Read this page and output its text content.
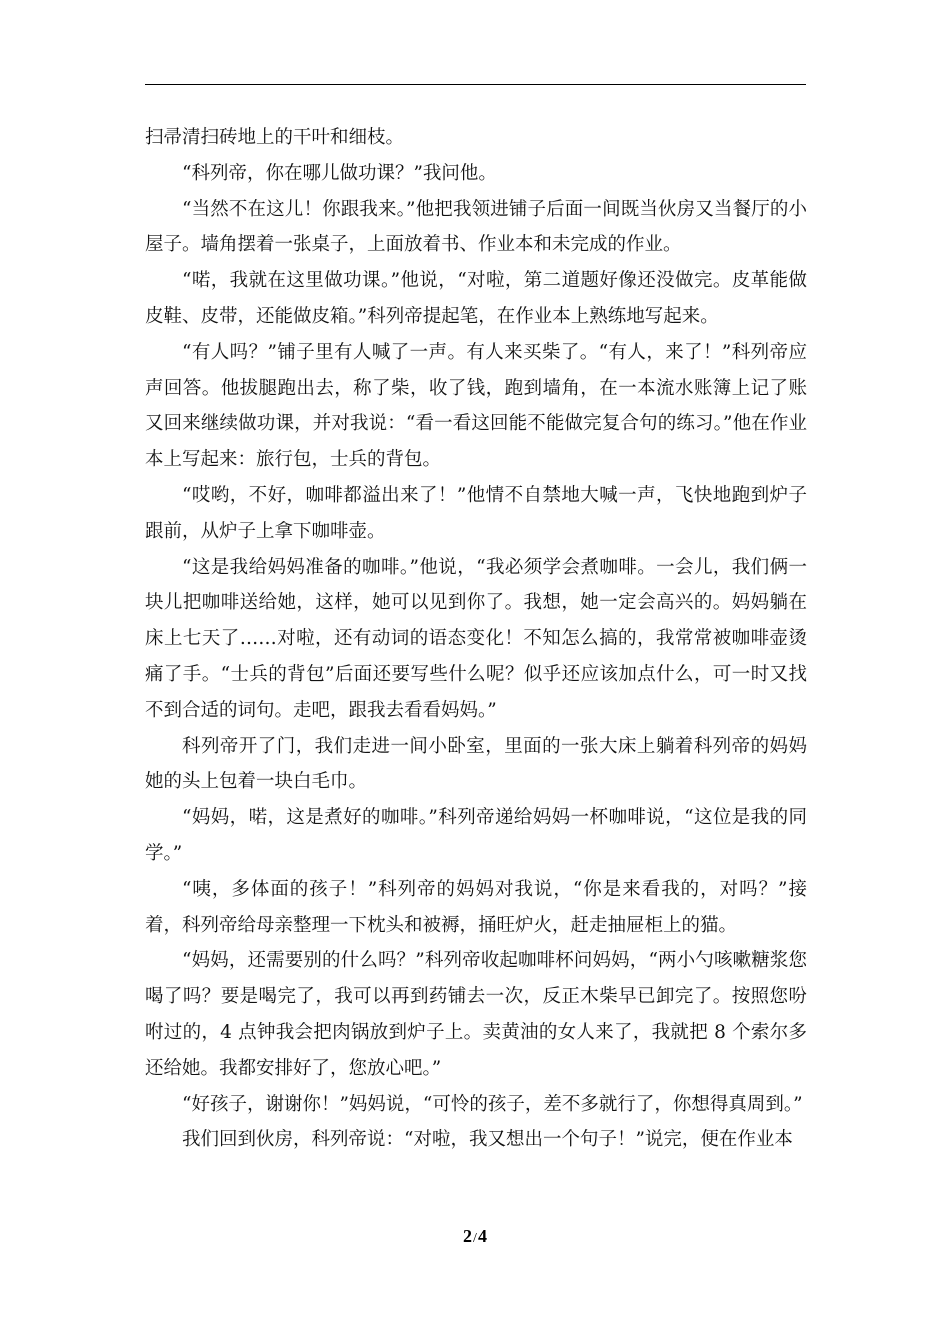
扫帚清扫砖地上的干叶和细枝。

“科列帝，你在哪儿做功课？”我问他。

“当然不在这儿！你跟我来。”他把我领进铺子后面一间既当伙房又当餐厅的小屋子。墙角摆着一张桌子，上面放着书、作业本和未完成的作业。

“喏，我就在这里做功课。”他说，“对啦，第二道题好像还没做完。皮革能做皮鞋、皮带，还能做皮箱。”科列帝提起笔，在作业本上熟练地写起来。

“有人吗？”铺子里有人喊了一声。有人来买柴了。“有人，来了！”科列帝应声回答。他拔腿跑出去，称了柴，收了钱，跑到墙角，在一本流水账簿上记了账又回来继续做功课，并对我说：“看一看这回能不能做完复合句的练习。”他在作业本上写起来：旅行包，士兵的背包。

“哎哟，不好，咖啡都溢出来了！”他情不自禁地大喊一声，飞快地跑到炉子跟前，从炉子上拿下咖啡壶。

“这是我给妈妈准备的咖啡。”他说，“我必须学会煮咖啡。一会儿，我们俩一块儿把咖啡送给她，这样，她可以见到你了。我想，她一定会高兴的。妈妈躺在床上七天了……对啦，还有动词的语态变化！不知怎么搞的，我常常被咖啡壶烫痛了手。“士兵的背包”后面还要写些什么呢？似乎还应该加点什么，可一时又找不到合适的词句。走吧，跟我去看看妈妈。”

科列帝开了门，我们走进一间小卧室，里面的一张大床上躺着科列帝的妈妈她的头上包着一块白毛巾。

“妈妈，喏，这是煮好的咖啡。”科列帝递给妈妈一杯咖啡说，“这位是我的同学。”

“咦，多体面的孩子！”科列帝的妈妈对我说，“你是来看我的，对吗？”接着，科列帝给母亲整理一下枕头和被褥，捅旺炉火，赶走抽屉柜上的猫。

“妈妈，还需要别的什么吗？”科列帝收起咖啡杯问妈妈，“两小勺咳嗽糖浆您喝了吗？要是喝完了，我可以再到药铺去一次，反正木柴早已卸完了。按照您吩咐过的，4 点钟我会把肉锅放到炉子上。卖黄油的女人来了，我就把 8 个索尔多还给她。我都安排好了，您放心吧。”

“好孩子，谢谢你！”妈妈说，“可怜的孩子，差不多就行了，你想得真周到。”

我们回到伙房，科列帝说：“对啦，我又想出一个句子！”说完，便在作业本

2/4
